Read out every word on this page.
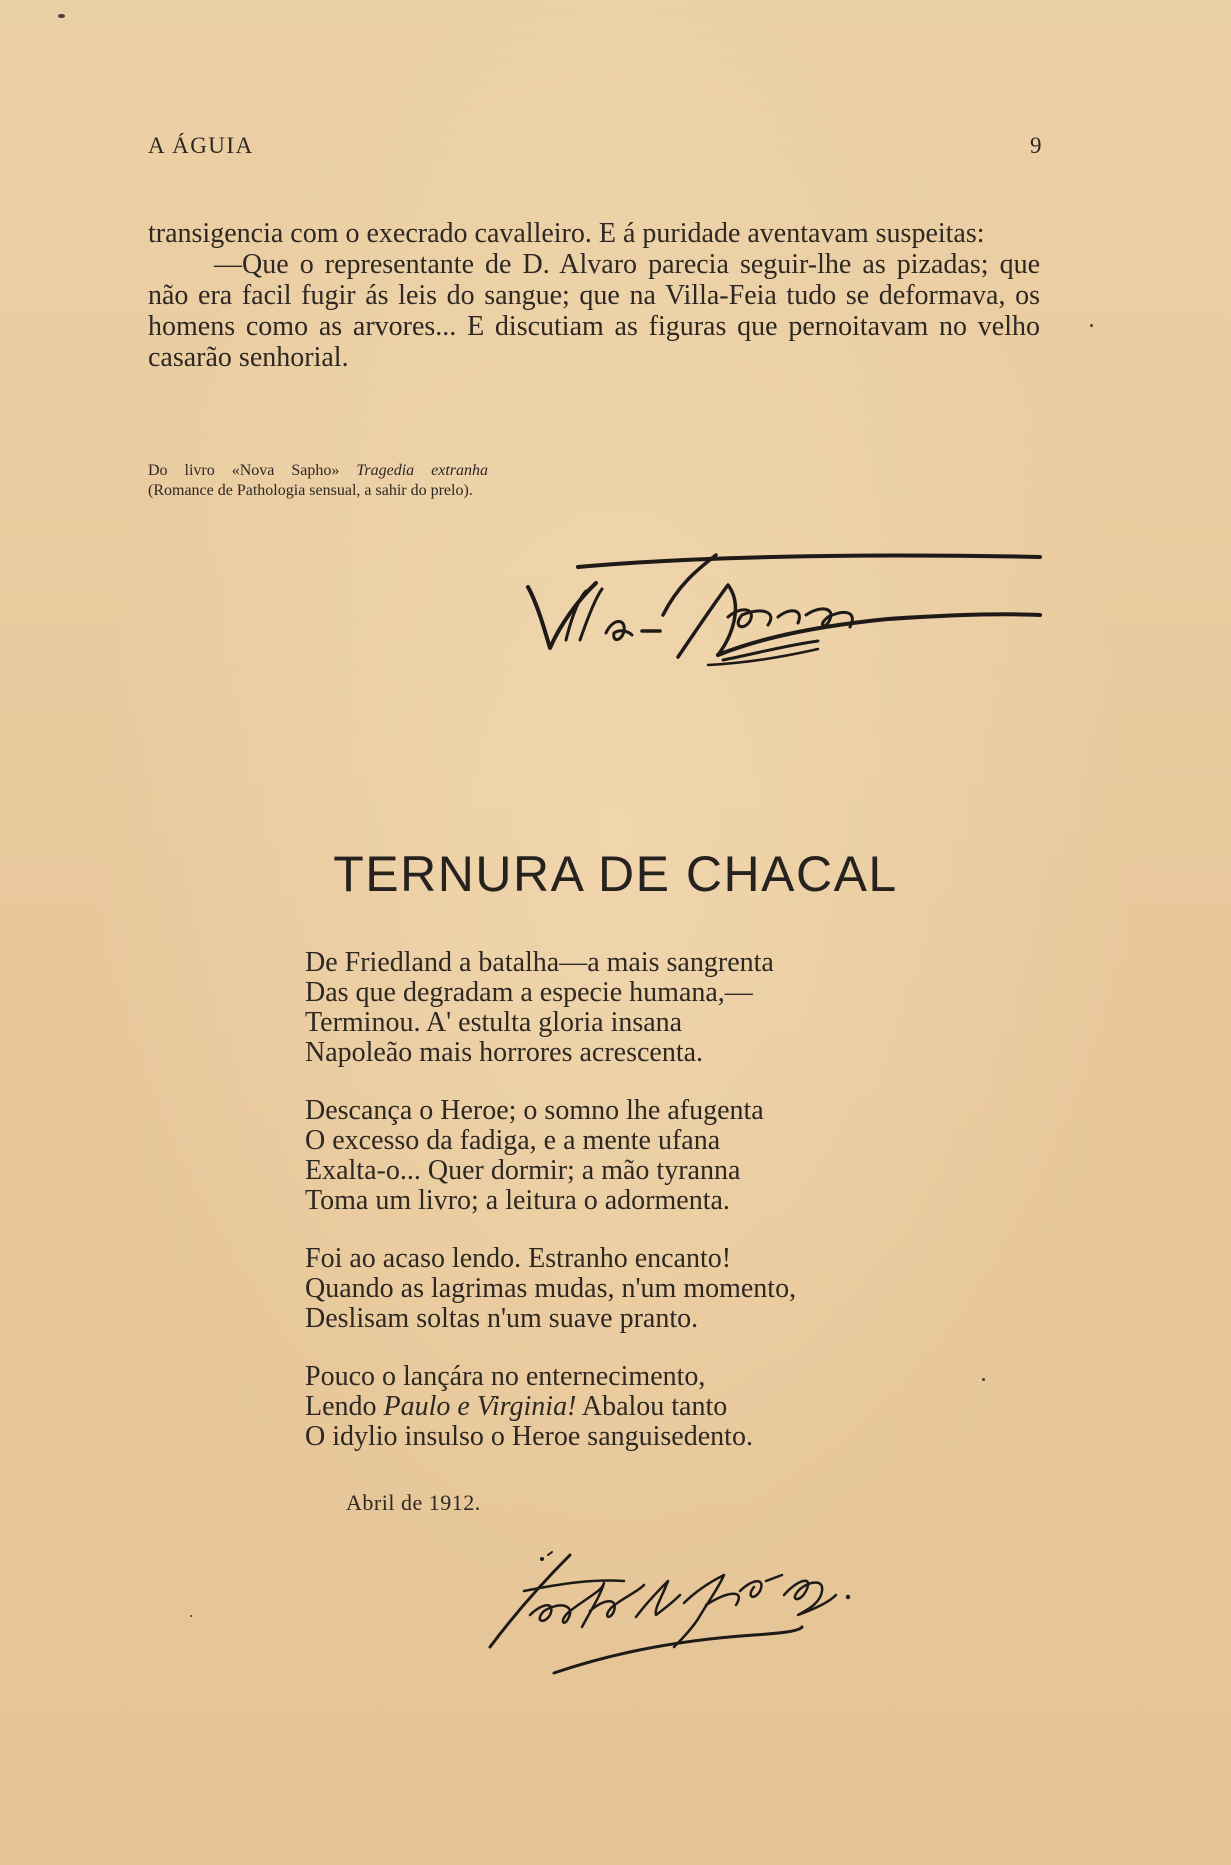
A ÁGUIA	9

transigencia com o execrado cavalleiro. E á puridade aventavam suspeitas:

—Que o representante de D. Alvaro parecia seguir-lhe as pizadas; que não era facil fugir ás leis do sangue; que na Villa-Feia tudo se deformava, os homens como as arvores... E discutiam as figuras que pernoitavam no velho casarão senhorial.

Do livro «Nova Sapho» Tragedia extranha (Romance de Pathologia sensual, a sahir do prelo).
TERNURA DE CHACAL
De Friedland a batalha—a mais sangrenta
Das que degradam a especie humana,—
Terminou. A' estulta gloria insana
Napoleão mais horrores acrescenta.
Descança o Heroe; o somno lhe afugenta
O excesso da fadiga, e a mente ufana
Exalta-o... Quer dormir; a mão tyranna
Toma um livro; a leitura o adormenta.
Foi ao acaso lendo. Estranho encanto!
Quando as lagrimas mudas, n'um momento,
Deslisam soltas n'um suave pranto.
Pouco o lançára no enternecimento,
Lendo Paulo e Virginia! Abalou tanto
O idylio insulso o Heroe sanguisedento.
Abril de 1912.
